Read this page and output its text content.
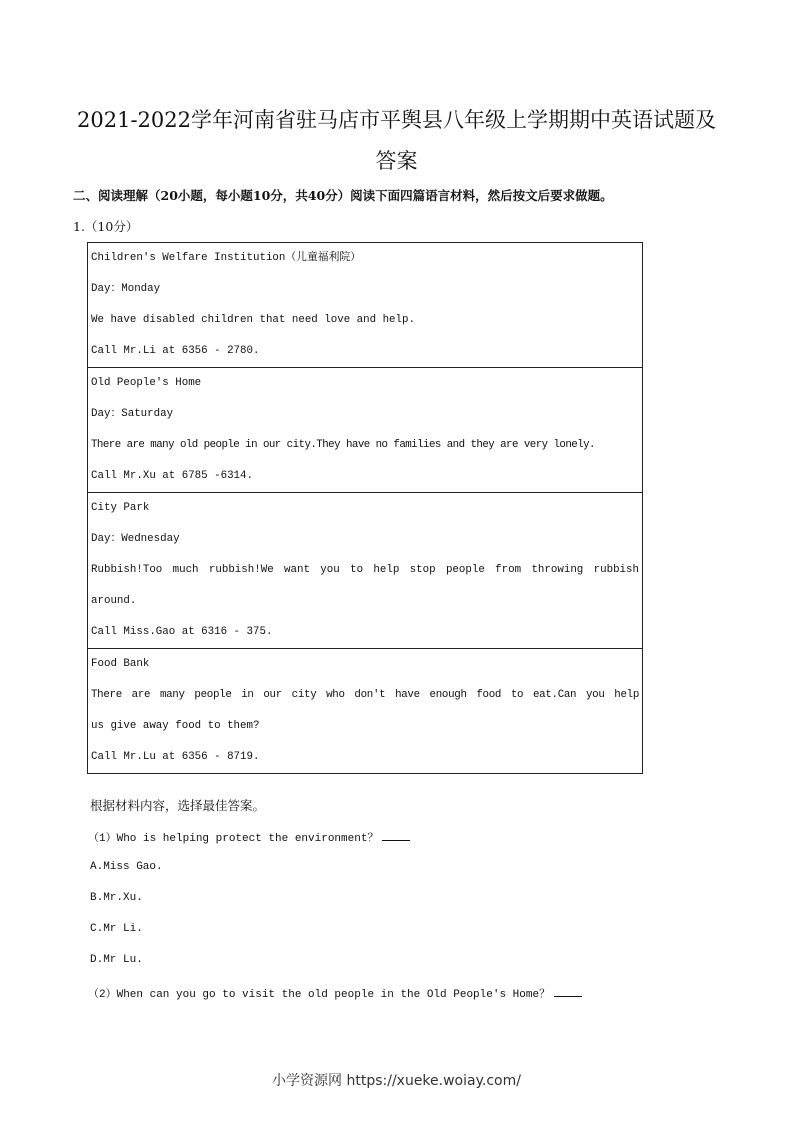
2021-2022学年河南省驻马店市平舆县八年级上学期期中英语试题及
答案
二、阅读理解（20小题，每小题10分，共40分）阅读下面四篇语言材料，然后按文后要求做题。
1.（10分）
Children's Welfare Institution（儿童福利院）
Day：Monday
We have disabled children that need love and help.
Call Mr.Li at 6356 - 2780.

Old People's Home
Day：Saturday
There are many old people in our city.They have no families and they are very lonely.
Call Mr.Xu at 6785 -6314.

City Park
Day：Wednesday
Rubbish!Too much rubbish!We want you to help stop people from throwing rubbish
around.
Call Miss.Gao at 6316 - 375.

Food Bank
There are many people in our city who don't have enough food to eat.Can you help
us give away food to them?
Call Mr.Lu at 6356 - 8719.
根据材料内容，选择最佳答案。
（1）Who is helping protect the environment？
A.Miss Gao.
B.Mr.Xu.
C.Mr Li.
D.Mr Lu.
（2）When can you go to visit the old people in the Old People's Home？
小学资源网 https://xueke.woiay.com/
